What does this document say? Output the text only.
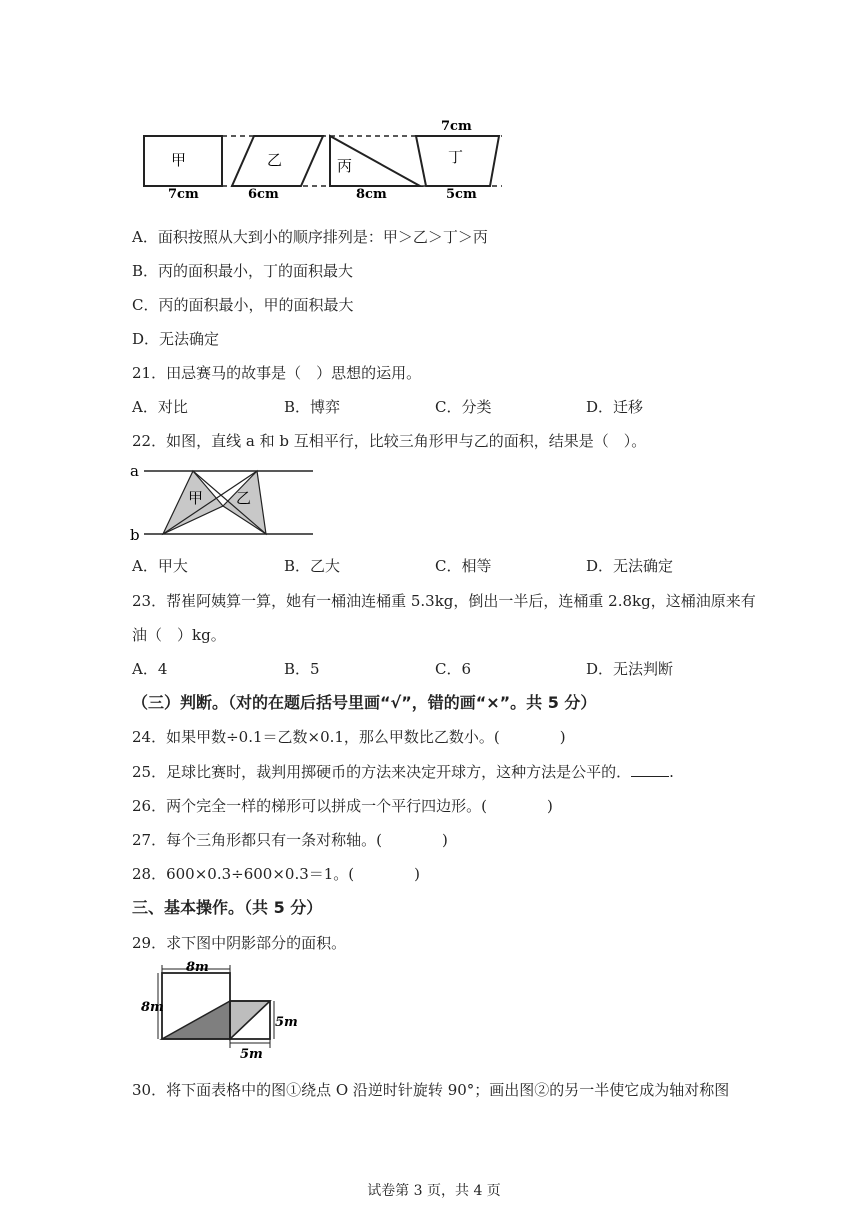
甲
7cm
乙
6cm
丙
8cm
丁
7cm
5cm
A．面积按照从大到小的顺序排列是：甲＞乙＞丁＞丙
B．丙的面积最小，丁的面积最大
C．丙的面积最小，甲的面积最大
D．无法确定
21．田忌赛马的故事是（　）思想的运用。
A．对比	B．博弈	C．分类	D．迁移
22．如图，直线 a 和 b 互相平行，比较三角形甲与乙的面积，结果是（　）。
a
b
甲 乙
A．甲大	B．乙大	C．相等	D．无法确定
23．帮崔阿姨算一算，她有一桶油连桶重 5.3kg，倒出一半后，连桶重 2.8kg，这桶油原来有
油（　）kg。
A．4	B．5	C．6	D．无法判断
（三）判断。（对的在题后括号里画“√”，错的画“×”。共 5 分）
24．如果甲数÷0.1＝乙数×0.1，那么甲数比乙数小。(　　　　)
25．足球比赛时，裁判用掷硬币的方法来决定开球方，这种方法是公平的．	.
26．两个完全一样的梯形可以拼成一个平行四边形。(　　　　)
27．每个三角形都只有一条对称轴。(　　　　)
28．600×0.3÷600×0.3＝1。(　　　　)
三、基本操作。（共 5 分）
29．求下图中阴影部分的面积。
8m
8m
5m
5m
30．将下面表格中的图①绕点 O 沿逆时针旋转 90°；画出图②的另一半使它成为轴对称图
试卷第 3 页，共 4 页
